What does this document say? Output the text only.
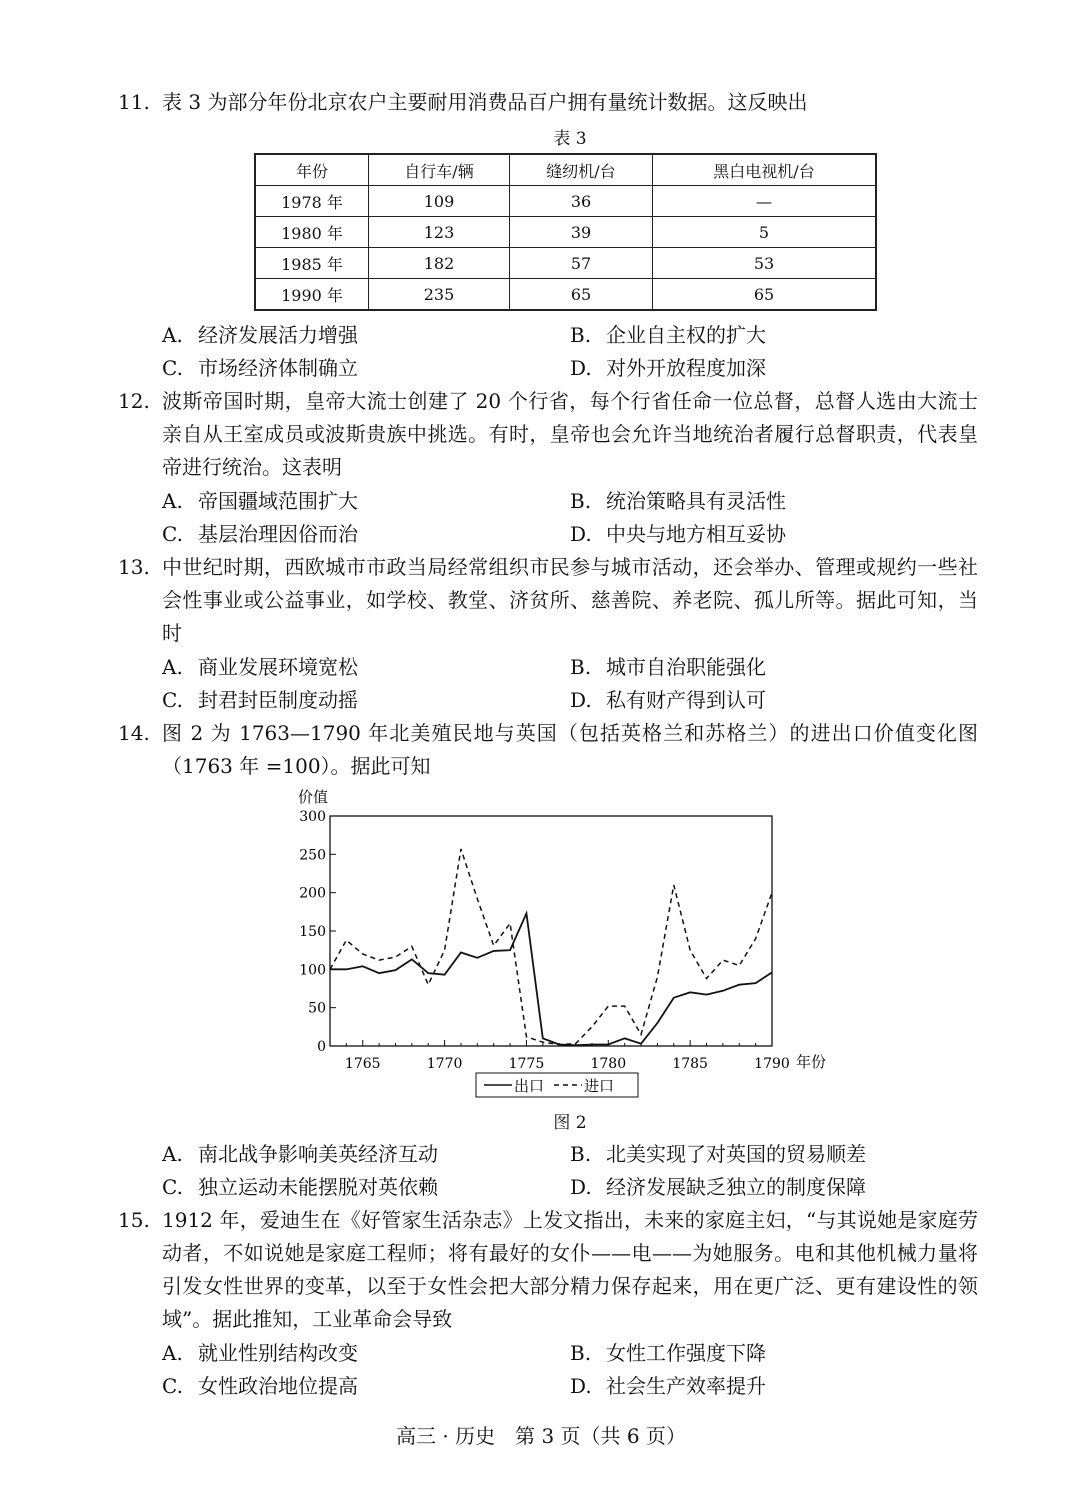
11. 表 3 为部分年份北京农户主要耐用消费品百户拥有量统计数据。这反映出
表 3
年份	自行车/辆	缝纫机/台	黑白电视机/台
1978 年	109	36	—
1980 年	123	39	5
1985 年	182	57	53
1990 年	235	65	65
A. 经济发展活力增强	B. 企业自主权的扩大
C. 市场经济体制确立	D. 对外开放程度加深
12. 波斯帝国时期，皇帝大流士创建了 20 个行省，每个行省任命一位总督，总督人选由大流士亲自从王室成员或波斯贵族中挑选。有时，皇帝也会允许当地统治者履行总督职责，代表皇帝进行统治。这表明
A. 帝国疆域范围扩大	B. 统治策略具有灵活性
C. 基层治理因俗而治	D. 中央与地方相互妥协
13. 中世纪时期，西欧城市市政当局经常组织市民参与城市活动，还会举办、管理或规约一些社会性事业或公益事业，如学校、教堂、济贫所、慈善院、养老院、孤儿所等。据此可知，当时
A. 商业发展环境宽松	B. 城市自治职能强化
C. 封君封臣制度动摇	D. 私有财产得到认可
14. 图 2 为 1763—1790 年北美殖民地与英国（包括英格兰和苏格兰）的进出口价值变化图（1763 年 =100）。据此可知
价值
0
50
100
150
200
250
300
1765	1770	1775	1780	1785	1790 年份
出口	进口
图 2
A. 南北战争影响美英经济互动	B. 北美实现了对英国的贸易顺差
C. 独立运动未能摆脱对英依赖	D. 经济发展缺乏独立的制度保障
15. 1912 年，爱迪生在《好管家生活杂志》上发文指出，未来的家庭主妇，“与其说她是家庭劳动者，不如说她是家庭工程师；将有最好的女仆——电——为她服务。电和其他机械力量将引发女性世界的变革，以至于女性会把大部分精力保存起来，用在更广泛、更有建设性的领域”。据此推知，工业革命会导致
A. 就业性别结构改变	B. 女性工作强度下降
C. 女性政治地位提高	D. 社会生产效率提升
高三 · 历史　第 3 页（共 6 页）
